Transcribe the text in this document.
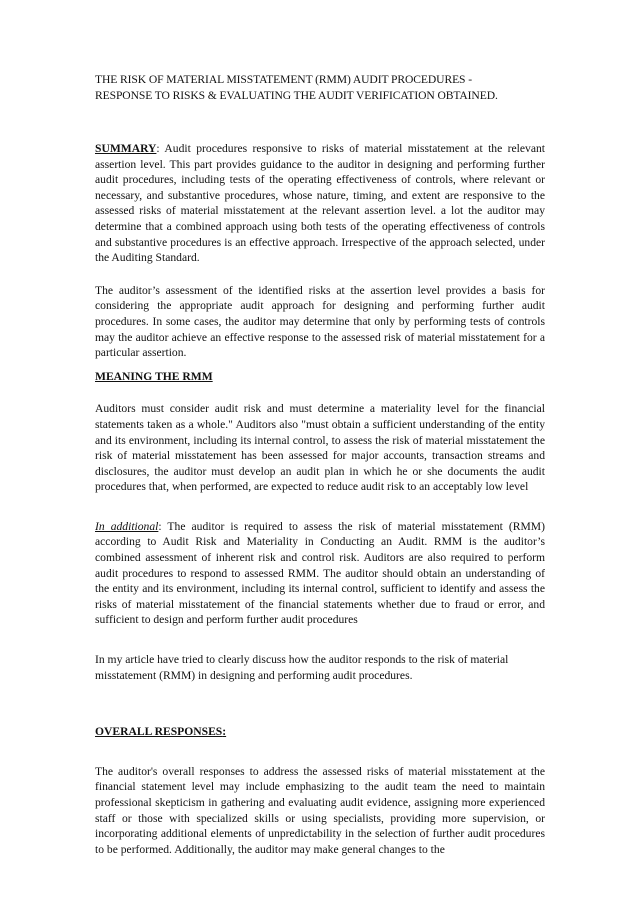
THE RISK OF MATERIAL MISSTATEMENT (RMM) AUDIT PROCEDURES -
RESPONSE TO RISKS & EVALUATING THE AUDIT VERIFICATION OBTAINED.

SUMMARY: Audit procedures responsive to risks of material misstatement at the relevant assertion level. This part provides guidance to the auditor in designing and performing further audit procedures, including tests of the operating effectiveness of controls, where relevant or necessary, and substantive procedures, whose nature, timing, and extent are responsive to the assessed risks of material misstatement at the relevant assertion level. a lot the auditor may determine that a combined approach using both tests of the operating effectiveness of controls and substantive procedures is an effective approach. Irrespective of the approach selected, under the Auditing Standard.

The auditor’s assessment of the identified risks at the assertion level provides a basis for considering the appropriate audit approach for designing and performing further audit procedures. In some cases, the auditor may determine that only by performing tests of controls may the auditor achieve an effective response to the assessed risk of material misstatement for a particular assertion.

MEANING THE RMM

Auditors must consider audit risk and must determine a materiality level for the financial statements taken as a whole." Auditors also "must obtain a sufficient understanding of the entity and its environment, including its internal control, to assess the risk of material misstatement the risk of material misstatement has been assessed for major accounts, transaction streams and disclosures, the auditor must develop an audit plan in which he or she documents the audit procedures that, when performed, are expected to reduce audit risk to an acceptably low level

In additional: The auditor is required to assess the risk of material misstatement (RMM) according to Audit Risk and Materiality in Conducting an Audit. RMM is the auditor’s combined assessment of inherent risk and control risk. Auditors are also required to perform audit procedures to respond to assessed RMM. The auditor should obtain an understanding of the entity and its environment, including its internal control, sufficient to identify and assess the risks of material misstatement of the financial statements whether due to fraud or error, and sufficient to design and perform further audit procedures

In my article have tried to clearly discuss how the auditor responds to the risk of material misstatement (RMM) in designing and performing audit procedures.

OVERALL RESPONSES:

The auditor's overall responses to address the assessed risks of material misstatement at the financial statement level may include emphasizing to the audit team the need to maintain professional skepticism in gathering and evaluating audit evidence, assigning more experienced staff or those with specialized skills or using specialists, providing more supervision, or incorporating additional elements of unpredictability in the selection of further audit procedures to be performed. Additionally, the auditor may make general changes to the
